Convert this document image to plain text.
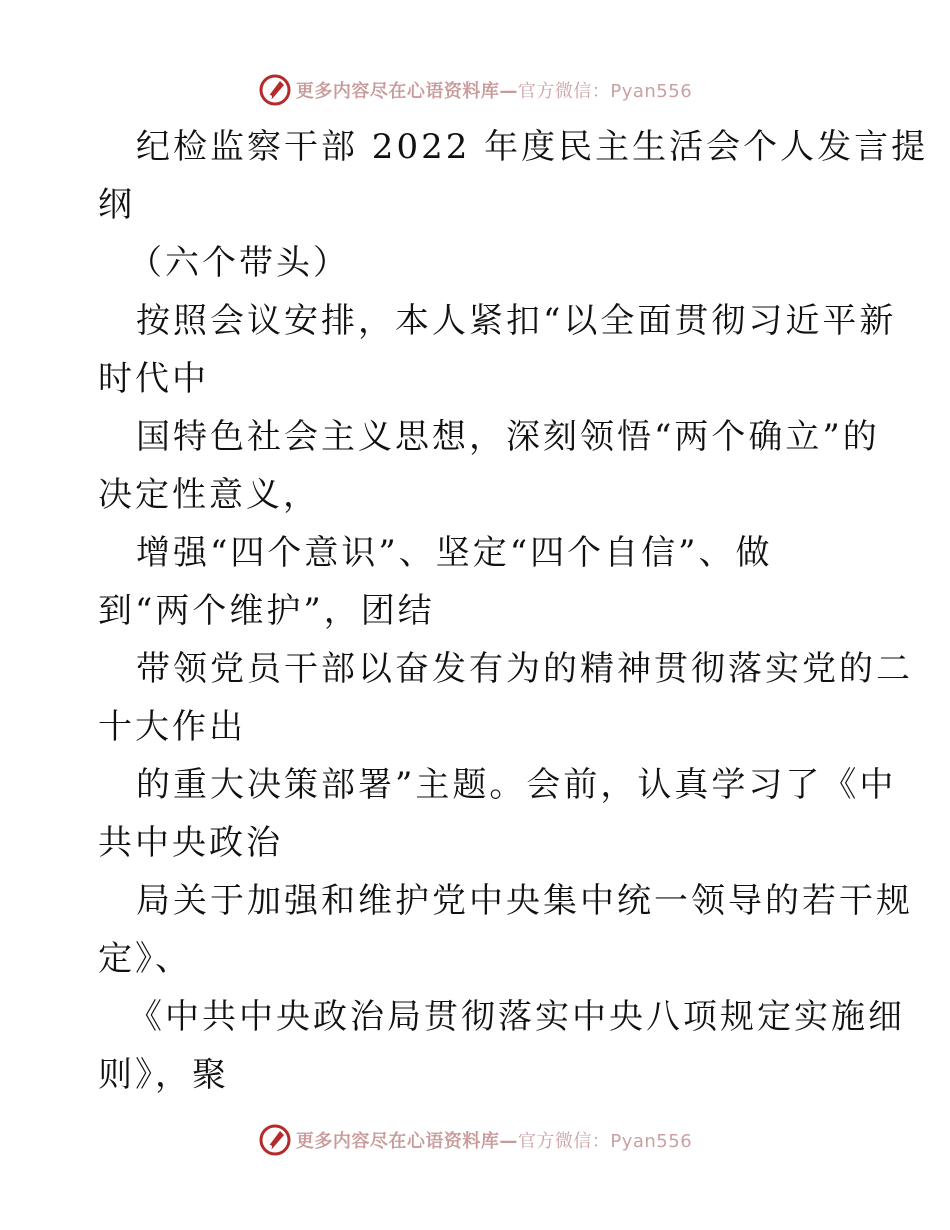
更多内容尽在心语资料库—官方微信：Pyan556
纪检监察干部 2022 年度民主生活会个人发言提
纲
（六个带头）
按照会议安排，本人紧扣“以全面贯彻习近平新
时代中
国特色社会主义思想，深刻领悟“两个确立”的
决定性意义，
增强“四个意识”、坚定“四个自信”、做
到“两个维护”，团结
带领党员干部以奋发有为的精神贯彻落实党的二
十大作出
的重大决策部署”主题。会前，认真学习了《中
共中央政治
局关于加强和维护党中央集中统一领导的若干规
定》、
《中共中央政治局贯彻落实中央八项规定实施细
则》，聚
更多内容尽在心语资料库—官方微信：Pyan556
